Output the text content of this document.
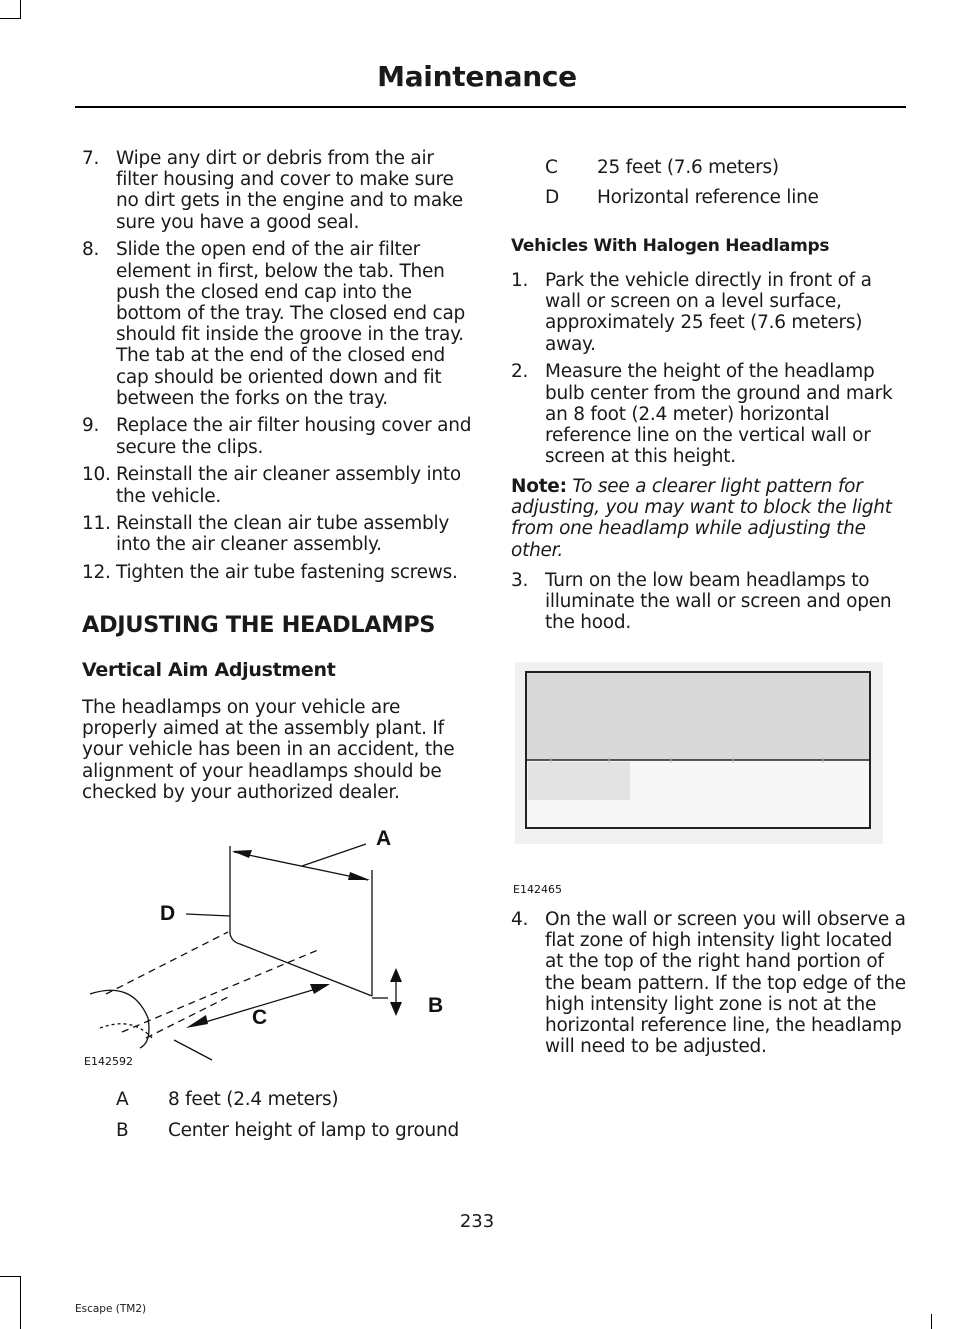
Maintenance
7. Wipe any dirt or debris from the air filter housing and cover to make sure no dirt gets in the engine and to make sure you have a good seal.
8. Slide the open end of the air filter element in first, below the tab. Then push the closed end cap into the bottom of the tray. The closed end cap should fit inside the groove in the tray. The tab at the end of the closed end cap should be oriented down and fit between the forks on the tray.
9. Replace the air filter housing cover and secure the clips.
10. Reinstall the air cleaner assembly into the vehicle.
11. Reinstall the clean air tube assembly into the air cleaner assembly.
12. Tighten the air tube fastening screws.
ADJUSTING THE HEADLAMPS
Vertical Aim Adjustment
The headlamps on your vehicle are properly aimed at the assembly plant. If your vehicle has been in an accident, the alignment of your headlamps should be checked by your authorized dealer.
A
D
B
C
E142592
A 8 feet (2.4 meters)
B Center height of lamp to ground
C 25 feet (7.6 meters)
D Horizontal reference line
Vehicles With Halogen Headlamps
1. Park the vehicle directly in front of a wall or screen on a level surface, approximately 25 feet (7.6 meters) away.
2. Measure the height of the headlamp bulb center from the ground and mark an 8 foot (2.4 meter) horizontal reference line on the vertical wall or screen at this height.
Note: To see a clearer light pattern for adjusting, you may want to block the light from one headlamp while adjusting the other.
3. Turn on the low beam headlamps to illuminate the wall or screen and open the hood.
E142465
4. On the wall or screen you will observe a flat zone of high intensity light located at the top of the right hand portion of the beam pattern. If the top edge of the high intensity light zone is not at the horizontal reference line, the headlamp will need to be adjusted.
233
Escape (TM2)
